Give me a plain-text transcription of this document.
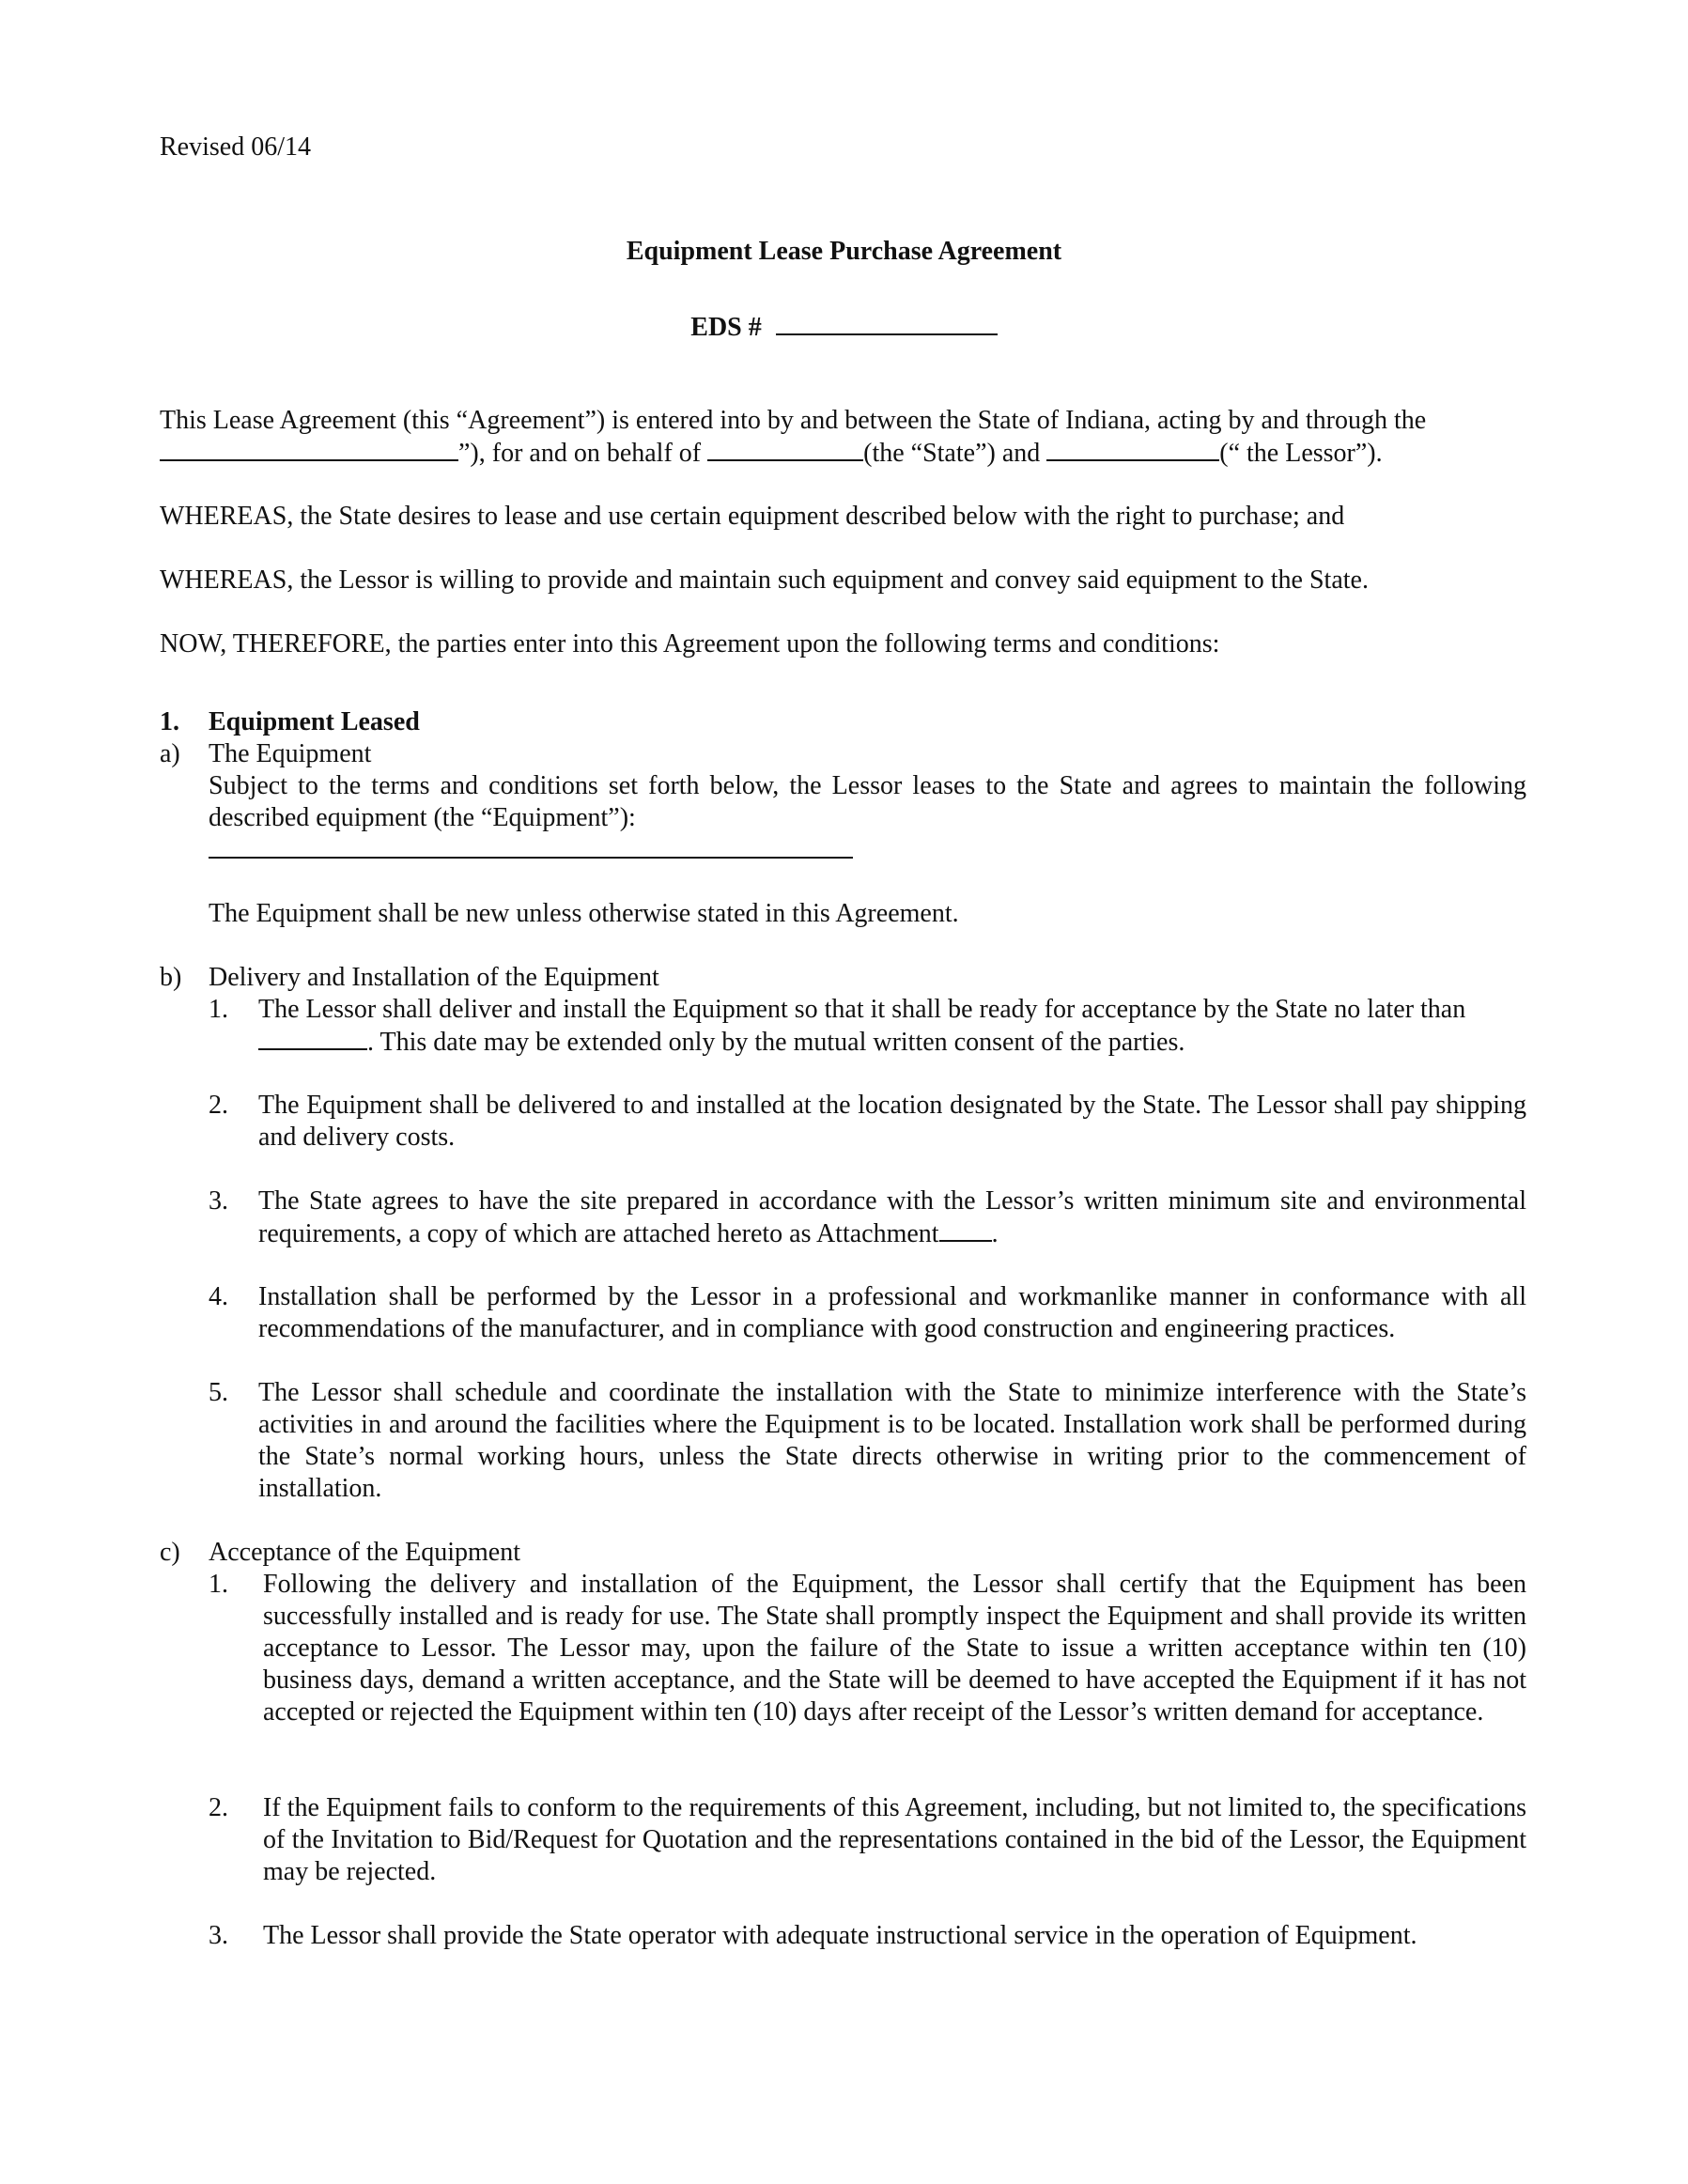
Revised 06/14
Equipment Lease Purchase Agreement
EDS #
This Lease Agreement (this “Agreement”) is entered into by and between the State of Indiana, acting by and through the
”), for and on behalf of	(the “State”) and	(“ the Lessor”).
WHEREAS, the State desires to lease and use certain equipment described below with the right to purchase; and
WHEREAS, the Lessor is willing to provide and maintain such equipment and convey said equipment to the State.
NOW, THEREFORE, the parties enter into this Agreement upon the following terms and conditions:
1. Equipment Leased
a) The Equipment
Subject to the terms and conditions set forth below, the Lessor leases to the State and agrees to maintain the following described equipment (the “Equipment”):
The Equipment shall be new unless otherwise stated in this Agreement.
b) Delivery and Installation of the Equipment
1. The Lessor shall deliver and install the Equipment so that it shall be ready for acceptance by the State no later than
. This date may be extended only by the mutual written consent of the parties.
2. The Equipment shall be delivered to and installed at the location designated by the State. The Lessor shall pay shipping and delivery costs.
3. The State agrees to have the site prepared in accordance with the Lessor’s written minimum site and environmental requirements, a copy of which are attached hereto as Attachment .
4. Installation shall be performed by the Lessor in a professional and workmanlike manner in conformance with all recommendations of the manufacturer, and in compliance with good construction and engineering practices.
5. The Lessor shall schedule and coordinate the installation with the State to minimize interference with the State’s activities in and around the facilities where the Equipment is to be located. Installation work shall be performed during the State’s normal working hours, unless the State directs otherwise in writing prior to the commencement of installation.
c) Acceptance of the Equipment
1. Following the delivery and installation of the Equipment, the Lessor shall certify that the Equipment has been successfully installed and is ready for use. The State shall promptly inspect the Equipment and shall provide its written acceptance to Lessor. The Lessor may, upon the failure of the State to issue a written acceptance within ten (10) business days, demand a written acceptance, and the State will be deemed to have accepted the Equipment if it has not accepted or rejected the Equipment within ten (10) days after receipt of the Lessor’s written demand for acceptance.
2. If the Equipment fails to conform to the requirements of this Agreement, including, but not limited to, the specifications of the Invitation to Bid/Request for Quotation and the representations contained in the bid of the Lessor, the Equipment may be rejected.
3. The Lessor shall provide the State operator with adequate instructional service in the operation of Equipment.
